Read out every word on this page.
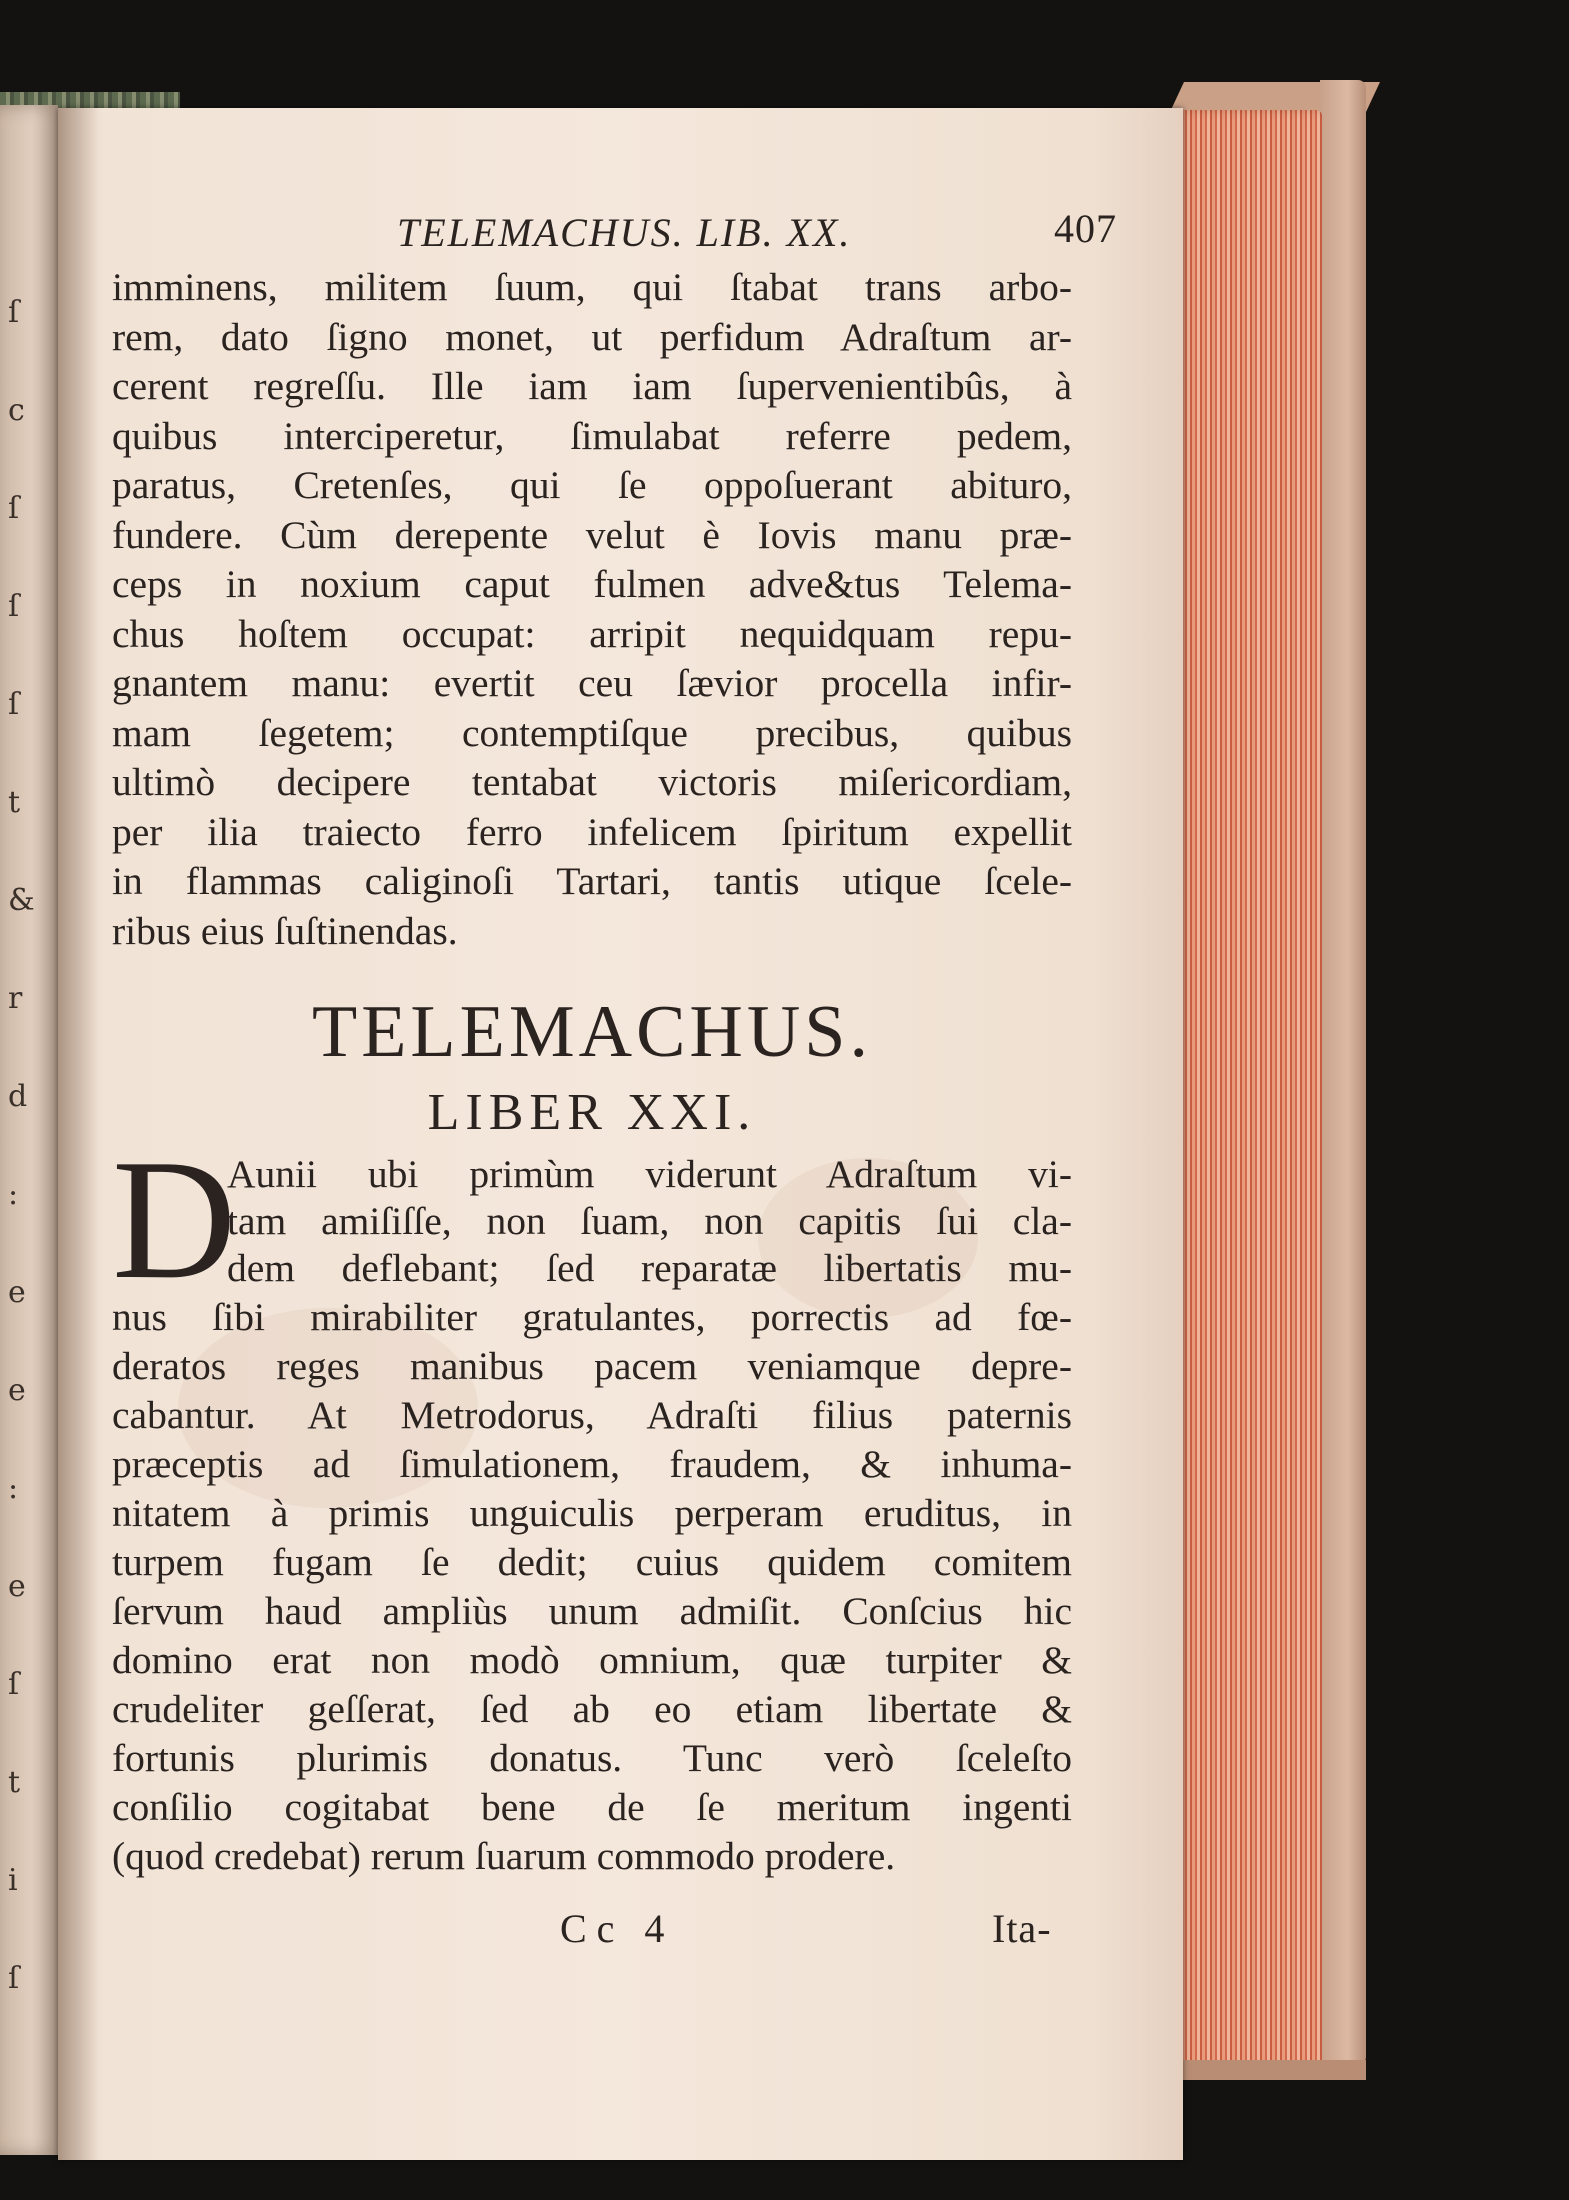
ſ
c
ſ
ſ
ſ
t
&
r
d
:
e
e
:
e
ſ
t
i
ſ
TELEMACHUS. LIB. XX.	407
imminens, militem ſuum, qui ſtabat trans arbo-
rem, dato ſigno monet, ut perfidum Adraſtum ar-
cerent regreſſu. Ille iam iam ſupervenientibûs, à
quibus interciperetur, ſimulabat referre pedem,
paratus, Cretenſes, qui ſe oppoſuerant abituro,
fundere. Cùm derepente velut è Iovis manu præ-
ceps in noxium caput fulmen adve&tus Telema-
chus hoſtem occupat: arripit nequidquam repu-
gnantem manu: evertit ceu ſævior procella infir-
mam ſegetem; contemptiſque precibus, quibus
ultimò decipere tentabat victoris miſericordiam,
per ilia traiecto ferro infelicem ſpiritum expellit
in flammas caliginoſi Tartari, tantis utique ſcele-
ribus eius ſuſtinendas.
TELEMACHUS.
LIBER XXI.
D
Aunii ubi primùm viderunt Adraſtum vi-
tam amiſiſſe, non ſuam, non capitis ſui cla-
dem deflebant; ſed reparatæ libertatis mu-
nus ſibi mirabiliter gratulantes, porrectis ad fœ-
deratos reges manibus pacem veniamque depre-
cabantur. At Metrodorus, Adraſti filius paternis
præceptis ad ſimulationem, fraudem, & inhuma-
nitatem à primis unguiculis perperam eruditus, in
turpem fugam ſe dedit; cuius quidem comitem
ſervum haud ampliùs unum admiſit. Conſcius hic
domino erat non modò omnium, quæ turpiter &
crudeliter geſſerat, ſed ab eo etiam libertate &
fortunis plurimis donatus. Tunc verò ſceleſto
conſilio cogitabat bene de ſe meritum ingenti
(quod credebat) rerum ſuarum commodo prodere.
Cc 4	Ita-
